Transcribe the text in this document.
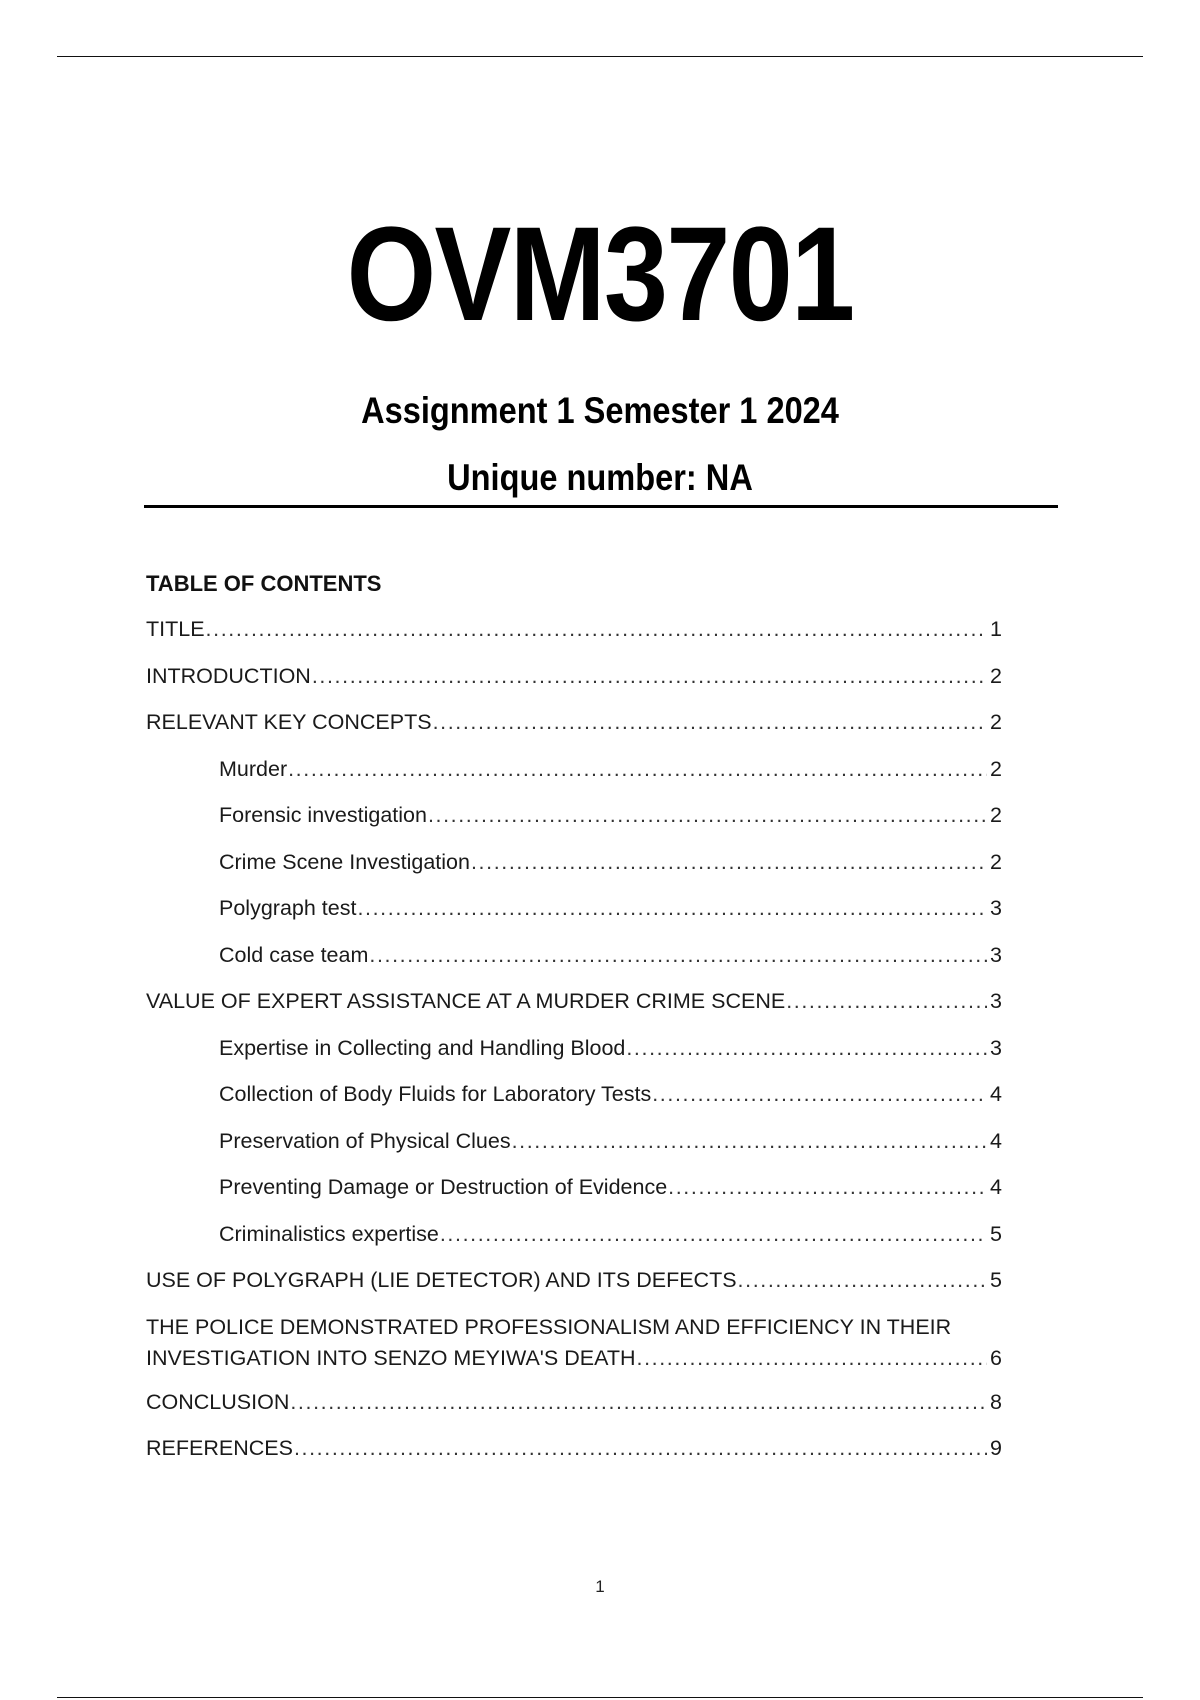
OVM3701
Assignment 1 Semester 1 2024
Unique number: NA
TABLE OF CONTENTS
TITLE .....	1
INTRODUCTION .....	2
RELEVANT KEY CONCEPTS .....	2
Murder .....	2
Forensic investigation .....	2
Crime Scene Investigation .....	2
Polygraph test .....	3
Cold case team .....	3
VALUE OF EXPERT ASSISTANCE AT A MURDER CRIME SCENE .....	3
Expertise in Collecting and Handling Blood .....	3
Collection of Body Fluids for Laboratory Tests .....	4
Preservation of Physical Clues .....	4
Preventing Damage or Destruction of Evidence .....	4
Criminalistics expertise .....	5
USE OF POLYGRAPH (LIE DETECTOR) AND ITS DEFECTS .....	5
THE POLICE DEMONSTRATED PROFESSIONALISM AND EFFICIENCY IN THEIR
INVESTIGATION INTO SENZO MEYIWA'S DEATH .....	6
CONCLUSION .....	8
REFERENCES .....	9
1
